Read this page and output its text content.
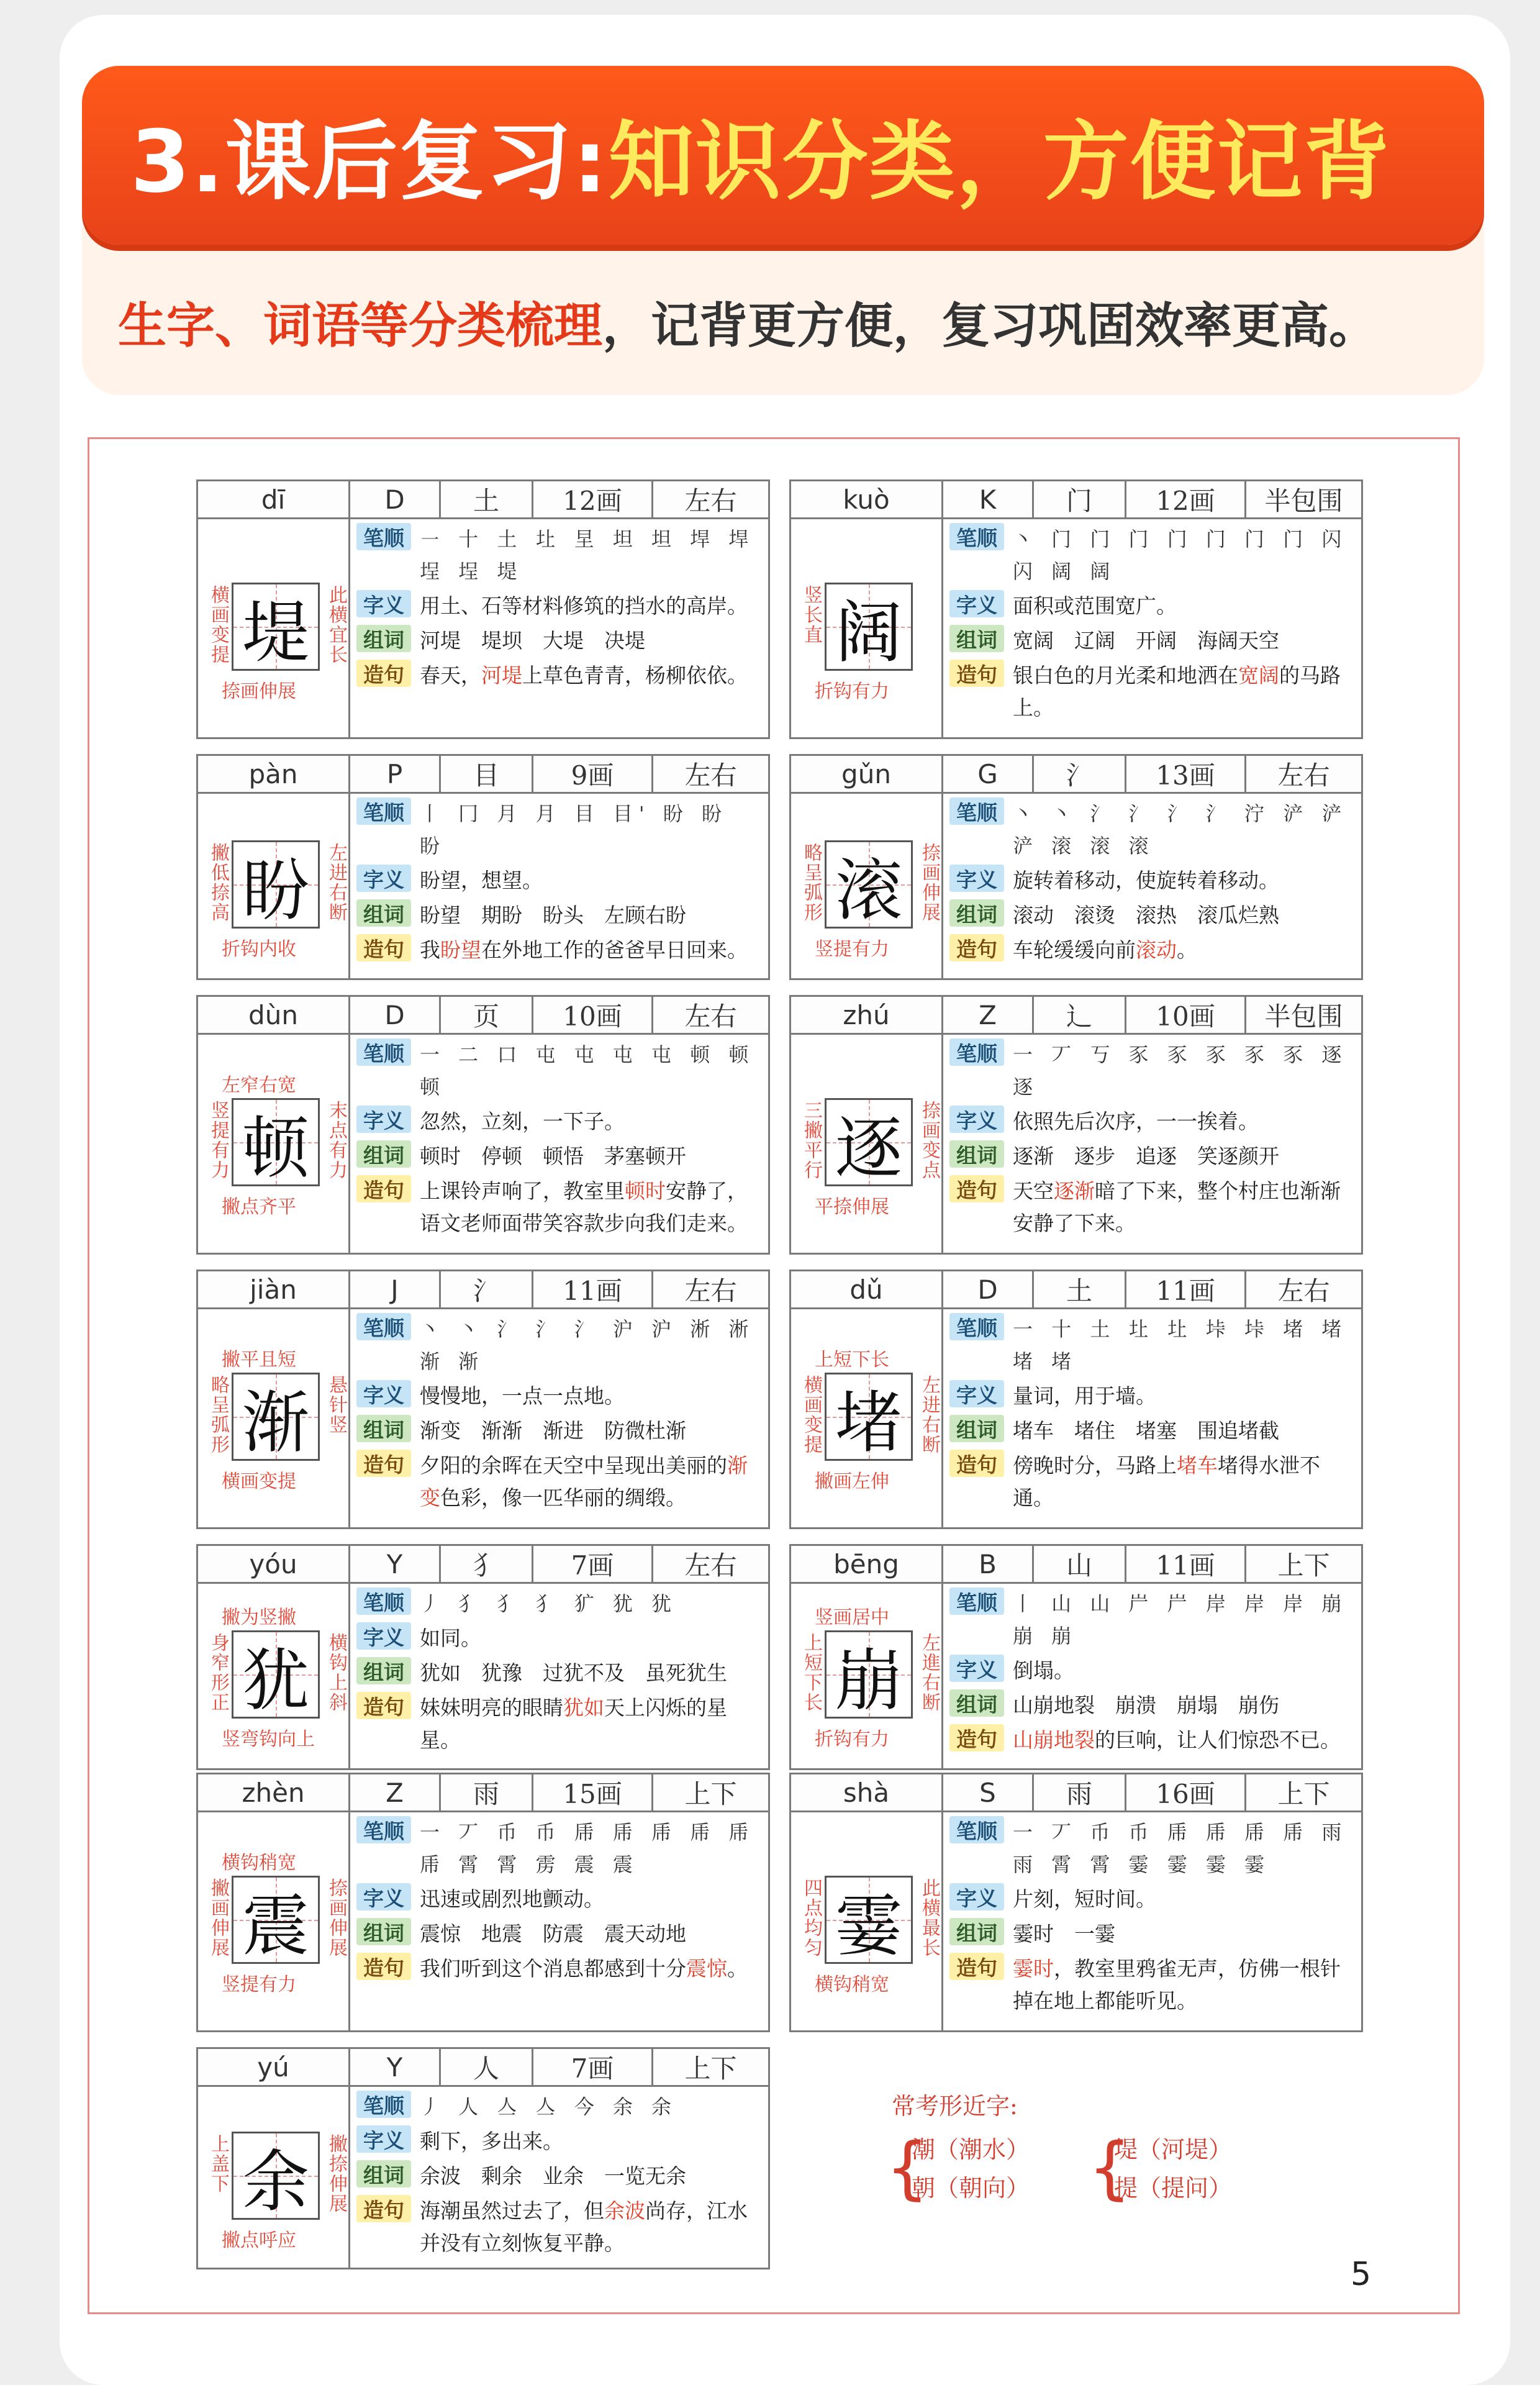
3.课后复习:知识分类，方便记背
生字、词语等分类梳理，记背更方便，复习巩固效率更高。
dī	D	土	12画	左右
堤
横画变提	此横宜长
捺画伸展
笔顺 ㇐ 十 土 圵 圼 坦 坦 垾 垾 埕 埕 堤
字义 用土、石等材料修筑的挡水的高岸。
组词 河堤　堤坝　大堤　决堤
造句 春天，河堤上草色青青，杨柳依依。
kuò	K	门	12画	半包围
阔
竖长直
折钩有力
笔顺 丶 门 门 门 门 门 门 门 闪 闪 阔 阔
字义 面积或范围宽广。
组词 宽阔　辽阔　开阔　海阔天空
造句 银白色的月光柔和地洒在宽阔的马路上。
pàn	P	目	9画	左右
盼
撇低捺高	左进右断
折钩内收
笔顺 丨 冂 月 月 目 目' 盼 盼 盼
字义 盼望，想望。
组词 盼望　期盼　盼头　左顾右盼
造句 我盼望在外地工作的爸爸早日回来。
gǔn	G	氵	13画	左右
滚
略呈弧形	捺画伸展
竖提有力
笔顺 丶 丶 氵 氵 氵 氵 泞 浐 浐 浐 滚 滚 滚
字义 旋转着移动，使旋转着移动。
组词 滚动　滚烫　滚热　滚瓜烂熟
造句 车轮缓缓向前滚动。
dùn	D	页	10画	左右
顿
左窄右宽
竖提有力	末点有力
撇点齐平
笔顺 一 二 口 屯 屯 屯 屯 顿 顿 顿
字义 忽然，立刻，一下子。
组词 顿时　停顿　顿悟　茅塞顿开
造句 上课铃声响了，教室里顿时安静了，语文老师面带笑容款步向我们走来。
zhú	Z	辶	10画	半包围
逐
三撇平行	捺画变点
平捺伸展
笔顺 一 丆 丂 豕 豕 豕 豕 豕 逐 逐
字义 依照先后次序，一一挨着。
组词 逐渐　逐步　追逐　笑逐颜开
造句 天空逐渐暗了下来，整个村庄也渐渐安静了下来。
jiàn	J	氵	11画	左右
渐
撇平且短
略呈弧形	悬针竖
横画变提
笔顺 丶 丶 氵 氵 氵 沪 沪 淅 淅 渐 渐
字义 慢慢地，一点一点地。
组词 渐变　渐渐　渐进　防微杜渐
造句 夕阳的余晖在天空中呈现出美丽的渐变色彩，像一匹华丽的绸缎。
dǔ	D	土	11画	左右
堵
上短下长
横画变提	左进右断
撇画左伸
笔顺 一 十 土 圵 圵 垰 垰 堵 堵 堵 堵
字义 量词，用于墙。
组词 堵车　堵住　堵塞　围追堵截
造句 傍晚时分，马路上堵车堵得水泄不通。
yóu	Y	犭	7画	左右
犹
撇为竖撇
身窄形正	横钩上斜
竖弯钩向上
笔顺 丿 犭 犭 犭 犷 犹 犹
字义 如同。
组词 犹如　犹豫　过犹不及　虽死犹生
造句 妹妹明亮的眼睛犹如天上闪烁的星星。
bēng	B	山	11画	上下
崩
竖画居中
上短下长	左進右断
折钩有力
笔顺 丨 山 山 屵 屵 岸 岸 岸 崩 崩 崩
字义 倒塌。
组词 山崩地裂　崩溃　崩塌　崩伤
造句 山崩地裂的巨响，让人们惊恐不已。
zhèn	Z	雨	15画	上下
震
横钩稍宽
撇画伸展	捺画伸展
竖提有力
笔顺 一 丆 币 币 乕 乕 乕 乕 乕 乕 霄 霄 雳 震 震
字义 迅速或剧烈地颤动。
组词 震惊　地震　防震　震天动地
造句 我们听到这个消息都感到十分震惊。
shà	S	雨	16画	上下
霎
四点均匀	此横最长
横钩稍宽
笔顺 一 丆 币 币 乕 乕 乕 乕 雨 雨 霄 霄 霎 霎 霎 霎
字义 片刻，短时间。
组词 霎时　一霎
造句 霎时，教室里鸦雀无声，仿佛一根针掉在地上都能听见。
yú	Y	人	7画	上下
余
上盖下	撇捺伸展
撇点呼应
笔顺 丿 人 亼 亼 今 余 余
字义 剩下，多出来。
组词 余波　剩余　业余　一览无余
造句 海潮虽然过去了，但余波尚存，江水并没有立刻恢复平静。
常考形近字:
{
潮（潮水）
朝（朝向） {
堤（河堤）
提（提问）
5
